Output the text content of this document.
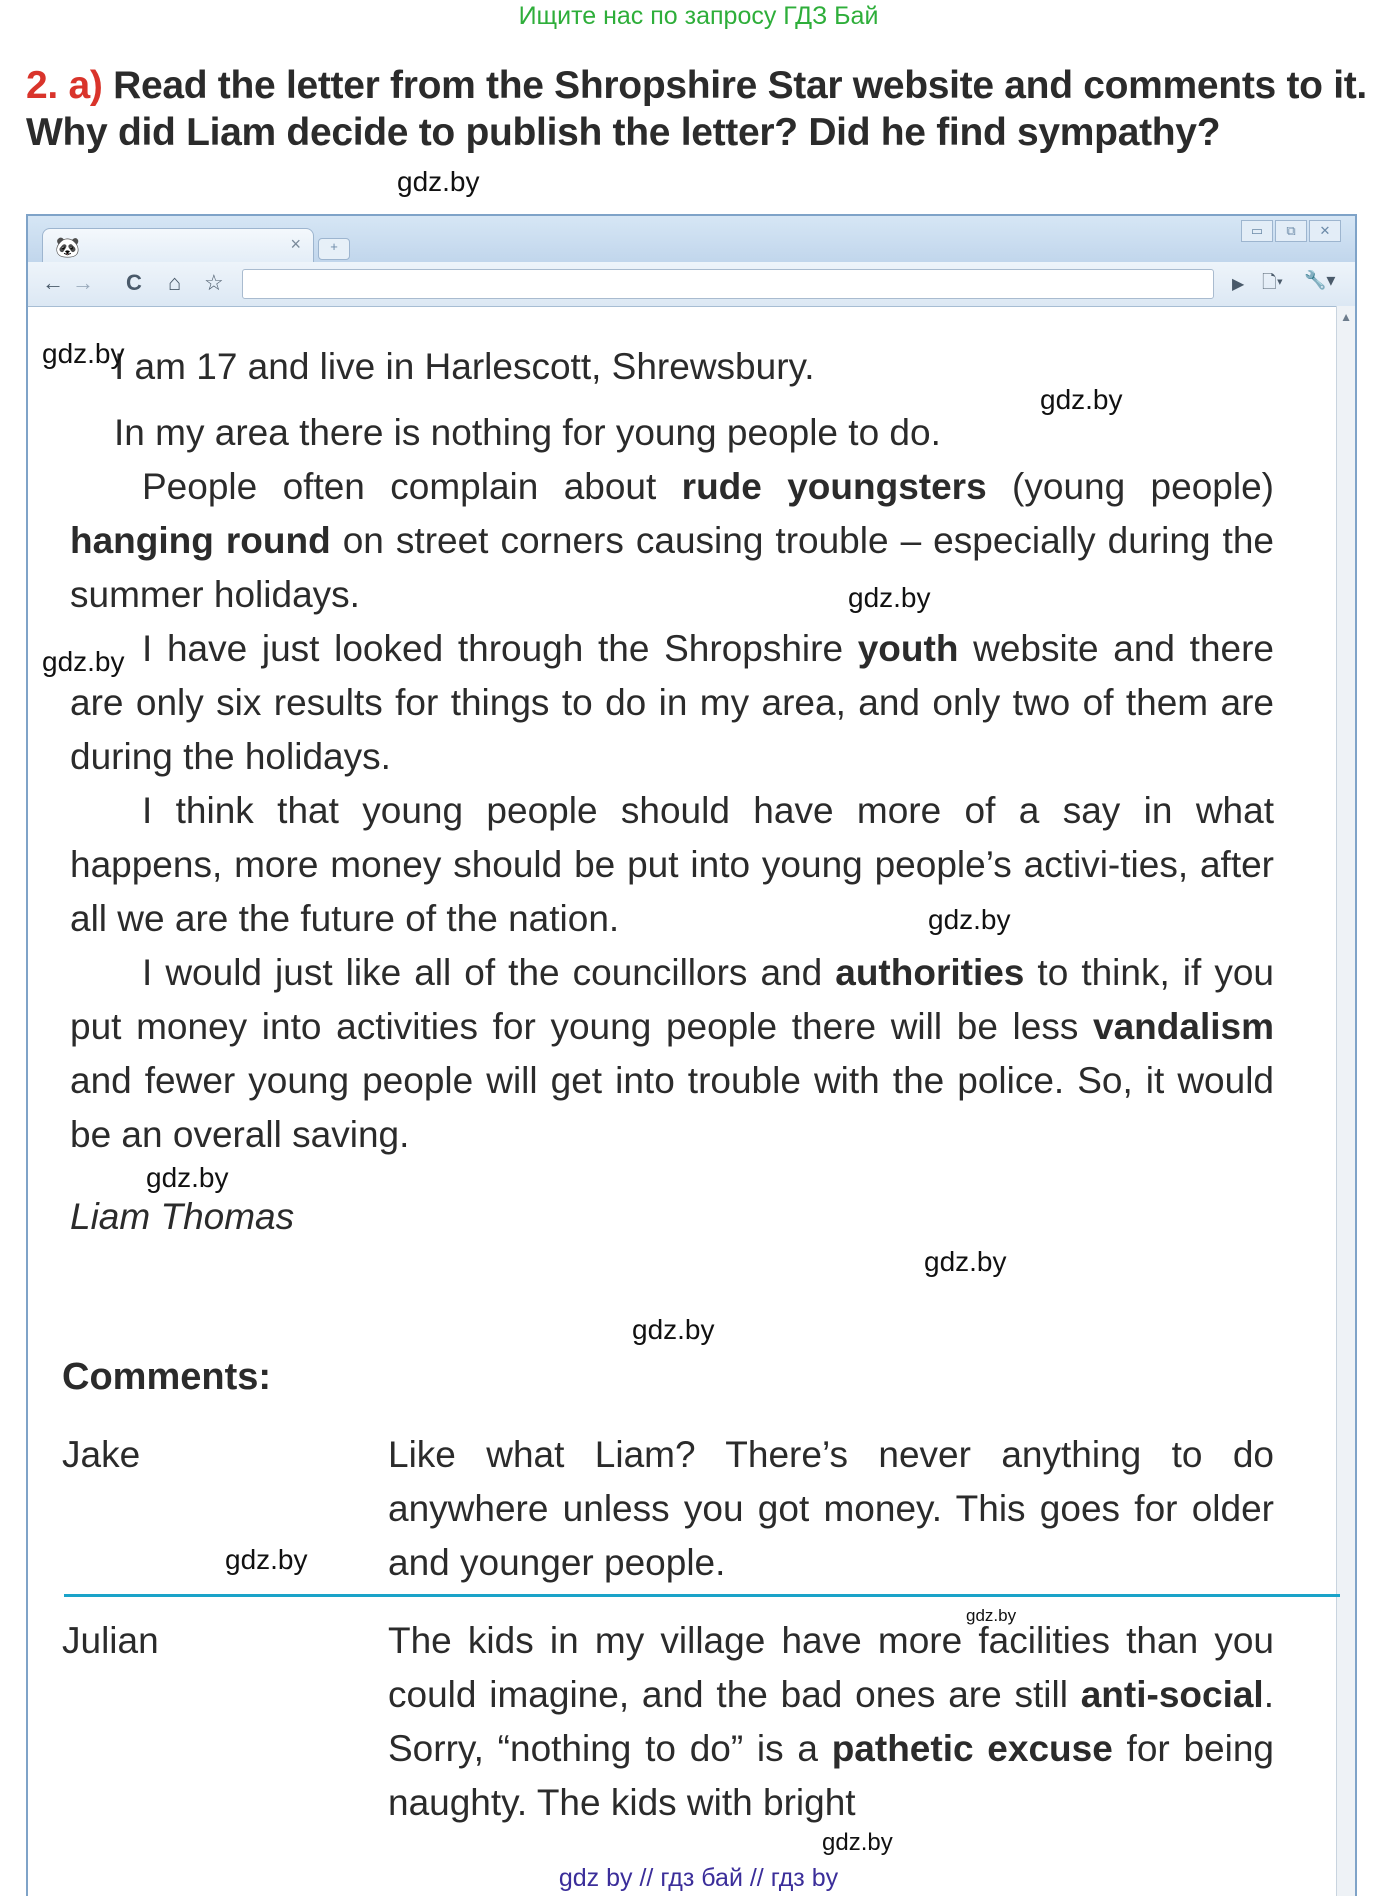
Ищите нас по запросу ГДЗ Бай
2. a) Read the letter from the Shropshire Star website and comments to it. Why did Liam decide to publish the letter? Did he find sympathy?
gdz.by
🐼	×	+
▭	⧉	✕
← → C ⌂ ☆	▶ 🗋▾ 🔧▾
▲

I am 17 and live in Harlescott, Shrewsbury.

In my area there is nothing for young people to do.

People often complain about rude youngsters (young people) hanging round on street corners causing trouble – especially during the summer holidays.

I have just looked through the Shropshire youth website and there are only six results for things to do in my area, and only two of them are during the holidays.

I think that young people should have more of a say in what happens, more money should be put into young people’s activi-ties, after all we are the future of the nation.

I would just like all of the councillors and authorities to think, if you put money into activities for young people there will be less vandalism and fewer young people will get into trouble with the police. So, it would be an overall saving.

Liam Thomas

gdz.by
gdz.by
gdz.by
gdz.by
gdz.by
gdz.by
gdz.by
gdz.by
Comments:
Jake	Like what Liam? There’s never anything to do anywhere unless you got money. This goes for older and younger people.
gdz.by
gdz.by
Julian	The kids in my village have more facilities than you could imagine, and the bad ones are still anti-social. Sorry, “nothing to do” is a pathetic excuse for being naughty. The kids with bright
gdz.by
gdz by // гдз бай // гдз by
